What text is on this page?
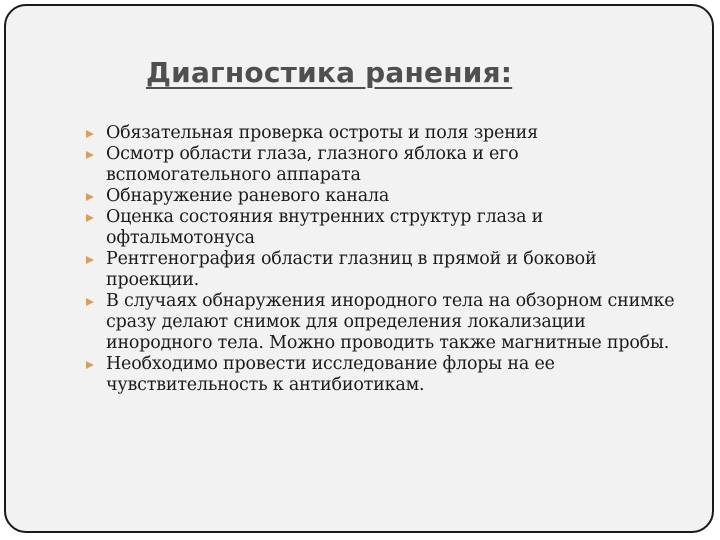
Диагностика ранения:
Обязательная проверка остроты и поля зрения
Осмотр области глаза, глазного яблока и его вспомогательного аппарата
Обнаружение раневого канала
Оценка состояния внутренних структур глаза и офтальмотонуса
Рентгенография области глазниц в прямой и боковой проекции.
В случаях обнаружения инородного тела на обзорном снимке сразу делают снимок для определения локализации инородного тела. Можно проводить также магнитные пробы.
Необходимо провести исследование флоры на ее чувствительность к антибиотикам.
